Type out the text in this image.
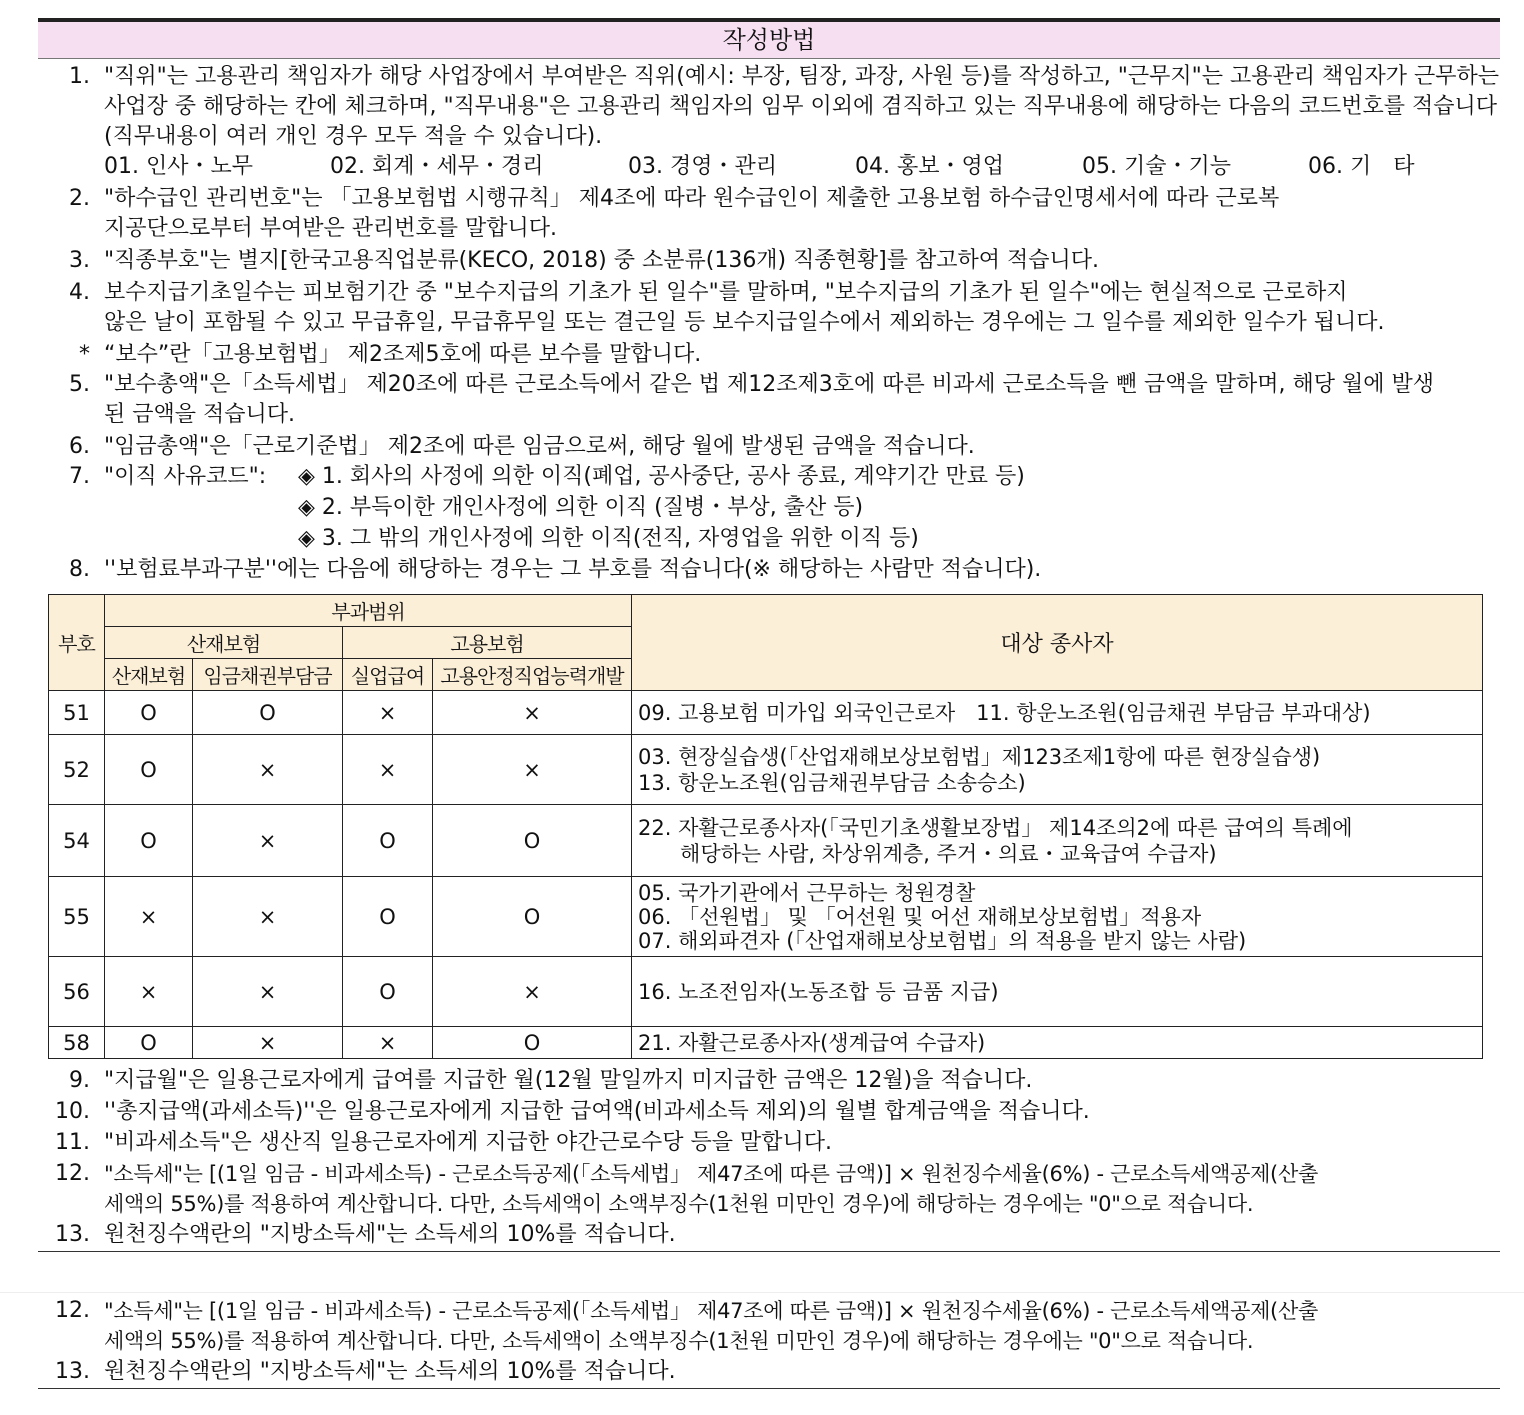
작성방법
1. "직위"는 고용관리 책임자가 해당 사업장에서 부여받은 직위(예시: 부장, 팀장, 과장, 사원 등)를 작성하고, "근무지"는 고용관리 책임자가 근무하는
사업장 중 해당하는 칸에 체크하며, "직무내용"은 고용관리 책임자의 임무 이외에 겸직하고 있는 직무내용에 해당하는 다음의 코드번호를 적습니다
(직무내용이 여러 개인 경우 모두 적을 수 있습니다).
01. 인사・노무	02. 회계・세무・경리	03. 경영・관리	04. 홍보・영업	05. 기술・기능	06. 기　타
2. "하수급인 관리번호"는 「고용보험법 시행규칙」 제4조에 따라 원수급인이 제출한 고용보험 하수급인명세서에 따라 근로복
지공단으로부터 부여받은 관리번호를 말합니다.
3. "직종부호"는 별지[한국고용직업분류(KECO, 2018) 중 소분류(136개) 직종현황]를 참고하여 적습니다.
4. 보수지급기초일수는 피보험기간 중 "보수지급의 기초가 된 일수"를 말하며, "보수지급의 기초가 된 일수"에는 현실적으로 근로하지
않은 날이 포함될 수 있고 무급휴일, 무급휴무일 또는 결근일 등 보수지급일수에서 제외하는 경우에는 그 일수를 제외한 일수가 됩니다.
* “보수”란「고용보험법」 제2조제5호에 따른 보수를 말합니다.
5. "보수총액"은「소득세법」 제20조에 따른 근로소득에서 같은 법 제12조제3호에 따른 비과세 근로소득을 뺀 금액을 말하며, 해당 월에 발생
된 금액을 적습니다.
6. "임금총액"은「근로기준법」 제2조에 따른 임금으로써, 해당 월에 발생된 금액을 적습니다.
7. "이직 사유코드": ◈ 1. 회사의 사정에 의한 이직(폐업, 공사중단, 공사 종료, 계약기간 만료 등)
◈ 2. 부득이한 개인사정에 의한 이직 (질병・부상, 출산 등)
◈ 3. 그 밖의 개인사정에 의한 이직(전직, 자영업을 위한 이직 등)
8. ''보험료부과구분''에는 다음에 해당하는 경우는 그 부호를 적습니다(※ 해당하는 사람만 적습니다).
부호	부과범위				대상 종사자
	산재보험		고용보험		
	산재보험	임금채권부담금	실업급여	고용안정직업능력개발	
51	O	O	×	×	09. 고용보험 미가입 외국인근로자　11. 항운노조원(임금채권 부담금 부과대상)

52	O	×	×	×	03. 현장실습생(「산업재해보상보험법」제123조제1항에 따른 현장실습생)
13. 항운노조원(임금채권부담금 소송승소)

54	O	×	O	O	22. 자활근로종사자(「국민기초생활보장법」 제14조의2에 따른 급여의 특례에
　　해당하는 사람, 차상위계층, 주거・의료・교육급여 수급자)

55	×	×	O	O	05. 국가기관에서 근무하는 청원경찰
06. 「선원법」 및 「어선원 및 어선 재해보상보험법」적용자
07. 해외파견자 (「산업재해보상보험법」의 적용을 받지 않는 사람)

56	×	×	O	×	16. 노조전임자(노동조합 등 금품 지급)

58	O	×	×	O	21. 자활근로종사자(생계급여 수급자)
9. "지급월"은 일용근로자에게 급여를 지급한 월(12월 말일까지 미지급한 금액은 12월)을 적습니다.
10. ''총지급액(과세소득)''은 일용근로자에게 지급한 급여액(비과세소득 제외)의 월별 합계금액을 적습니다.
11. "비과세소득"은 생산직 일용근로자에게 지급한 야간근로수당 등을 말합니다.
12. "소득세"는 [(1일 임금 - 비과세소득) - 근로소득공제(「소득세법」 제47조에 따른 금액)] × 원천징수세율(6%) - 근로소득세액공제(산출
세액의 55%)를 적용하여 계산합니다. 다만, 소득세액이 소액부징수(1천원 미만인 경우)에 해당하는 경우에는 "0"으로 적습니다.
13. 원천징수액란의 "지방소득세"는 소득세의 10%를 적습니다.
12. "소득세"는 [(1일 임금 - 비과세소득) - 근로소득공제(「소득세법」 제47조에 따른 금액)] × 원천징수세율(6%) - 근로소득세액공제(산출
세액의 55%)를 적용하여 계산합니다. 다만, 소득세액이 소액부징수(1천원 미만인 경우)에 해당하는 경우에는 "0"으로 적습니다.
13. 원천징수액란의 "지방소득세"는 소득세의 10%를 적습니다.
